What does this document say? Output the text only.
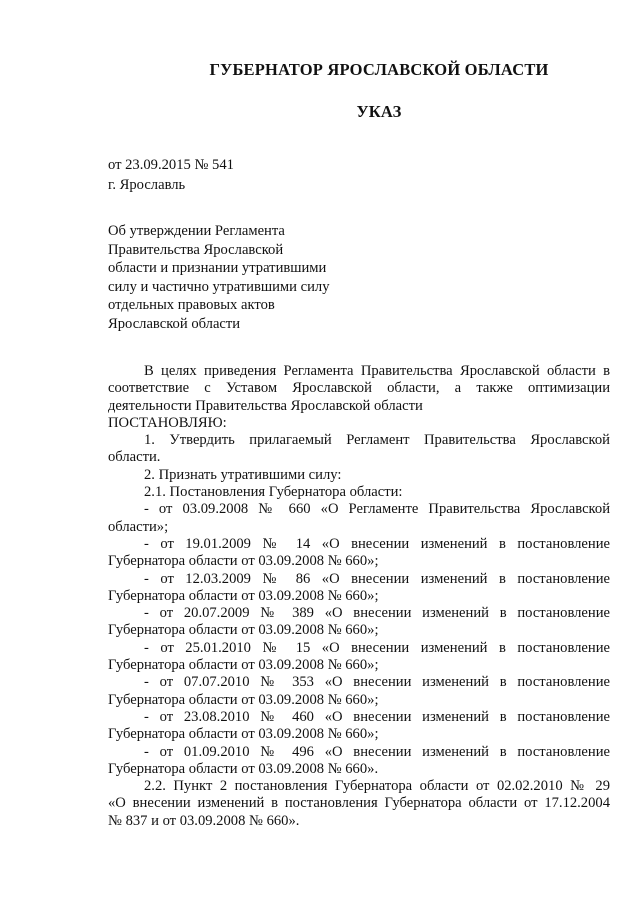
ГУБЕРНАТОР ЯРОСЛАВСКОЙ ОБЛАСТИ
УКАЗ
от 23.09.2015 № 541
г. Ярославль
Об утверждении Регламента
Правительства Ярославской
области и признании утратившими
силу и частично утратившими силу
отдельных правовых актов
Ярославской области
В целях приведения Регламента Правительства Ярославской области в
соответствие с Уставом Ярославской области, а также оптимизации
деятельности Правительства Ярославской области
ПОСТАНОВЛЯЮ:
1. Утвердить прилагаемый Регламент Правительства Ярославской
области.
2. Признать утратившими силу:
2.1. Постановления Губернатора области:
- от 03.09.2008 № 660 «О Регламенте Правительства Ярославской
области»;
- от 19.01.2009 № 14 «О внесении изменений в постановление
Губернатора области от 03.09.2008 № 660»;
- от 12.03.2009 № 86 «О внесении изменений в постановление
Губернатора области от 03.09.2008 № 660»;
- от 20.07.2009 № 389 «О внесении изменений в постановление
Губернатора области от 03.09.2008 № 660»;
- от 25.01.2010 № 15 «О внесении изменений в постановление
Губернатора области от 03.09.2008 № 660»;
- от 07.07.2010 № 353 «О внесении изменений в постановление
Губернатора области от 03.09.2008 № 660»;
- от 23.08.2010 № 460 «О внесении изменений в постановление
Губернатора области от 03.09.2008 № 660»;
- от 01.09.2010 № 496 «О внесении изменений в постановление
Губернатора области от 03.09.2008 № 660».
2.2. Пункт 2 постановления Губернатора области от 02.02.2010 № 29
«О внесении изменений в постановления Губернатора области от 17.12.2004
№ 837 и от 03.09.2008 № 660».
